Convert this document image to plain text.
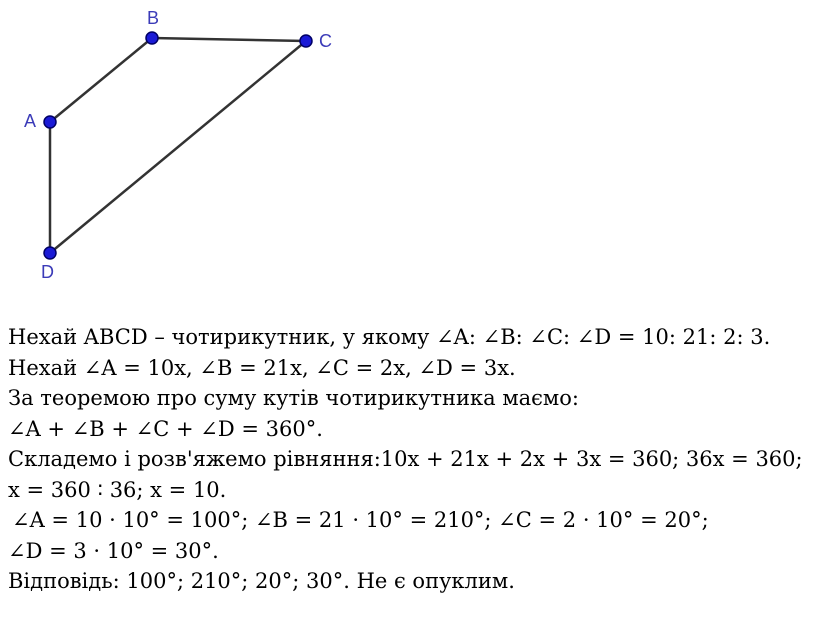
A
B
C
D
Нехай ABCD – чотирикутник, у якому ∠A: ∠B: ∠C: ∠D = 10: 21: 2: 3.
Нехай ∠A = 10x, ∠B = 21x, ∠C = 2x, ∠D = 3x.
За теоремою про суму кутів чотирикутника маємо:
∠A + ∠B + ∠C + ∠D = 360°.
Складемо і розв'яжемо рівняння:10x + 21x + 2x + 3x = 360; 36x = 360;
x = 360 ∶ 36; x = 10.
∠A = 10 · 10° = 100°; ∠B = 21 · 10° = 210°; ∠C = 2 · 10° = 20°;
∠D = 3 · 10° = 30°.
Відповідь: 100°; 210°; 20°; 30°. Не є опуклим.
